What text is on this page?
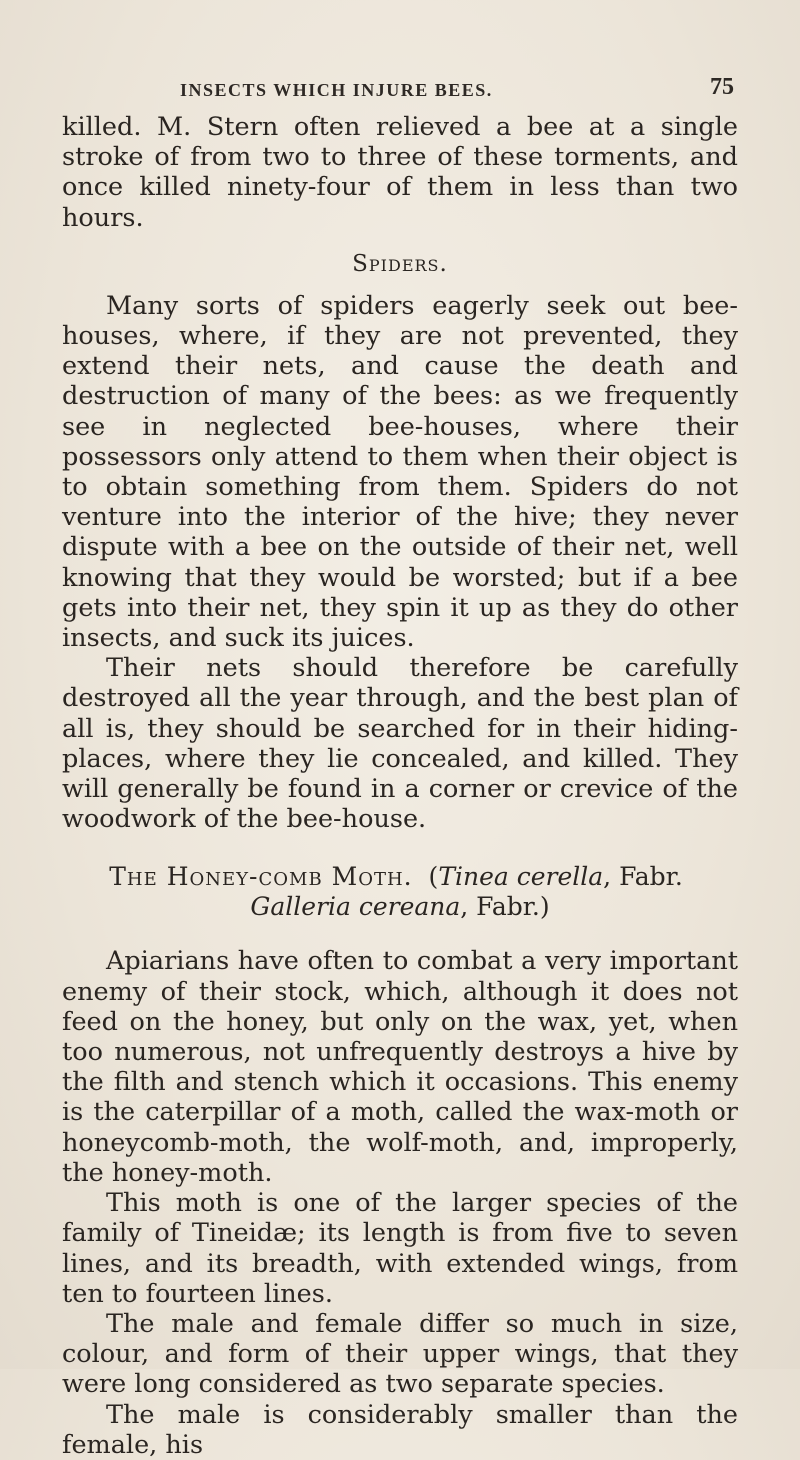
INSECTS WHICH INJURE BEES.	75

killed. M. Stern often relieved a bee at a single stroke of from two to three of these torments, and once killed ninety-four of them in less than two hours.

Spiders.

Many sorts of spiders eagerly seek out bee-houses, where, if they are not prevented, they extend their nets, and cause the death and destruction of many of the bees: as we frequently see in neglected bee-houses, where their possessors only attend to them when their object is to obtain something from them. Spiders do not venture into the interior of the hive; they never dispute with a bee on the outside of their net, well knowing that they would be worsted; but if a bee gets into their net, they spin it up as they do other insects, and suck its juices.

Their nets should therefore be carefully destroyed all the year through, and the best plan of all is, they should be searched for in their hiding-places, where they lie concealed, and killed. They will generally be found in a corner or crevice of the woodwork of the bee-house.

The Honey-comb Moth. (Tinea cerella, Fabr.  Galleria cereana, Fabr.)

Apiarians have often to combat a very important enemy of their stock, which, although it does not feed on the honey, but only on the wax, yet, when too numerous, not unfrequently destroys a hive by the filth and stench which it occasions. This enemy is the caterpillar of a moth, called the wax-moth or honeycomb-moth, the wolf-moth, and, improperly, the honey-moth.

This moth is one of the larger species of the family of Tineidæ; its length is from five to seven lines, and its breadth, with extended wings, from ten to fourteen lines.

The male and female differ so much in size, colour, and form of their upper wings, that they were long considered as two separate species.

The male is considerably smaller than the female, his
